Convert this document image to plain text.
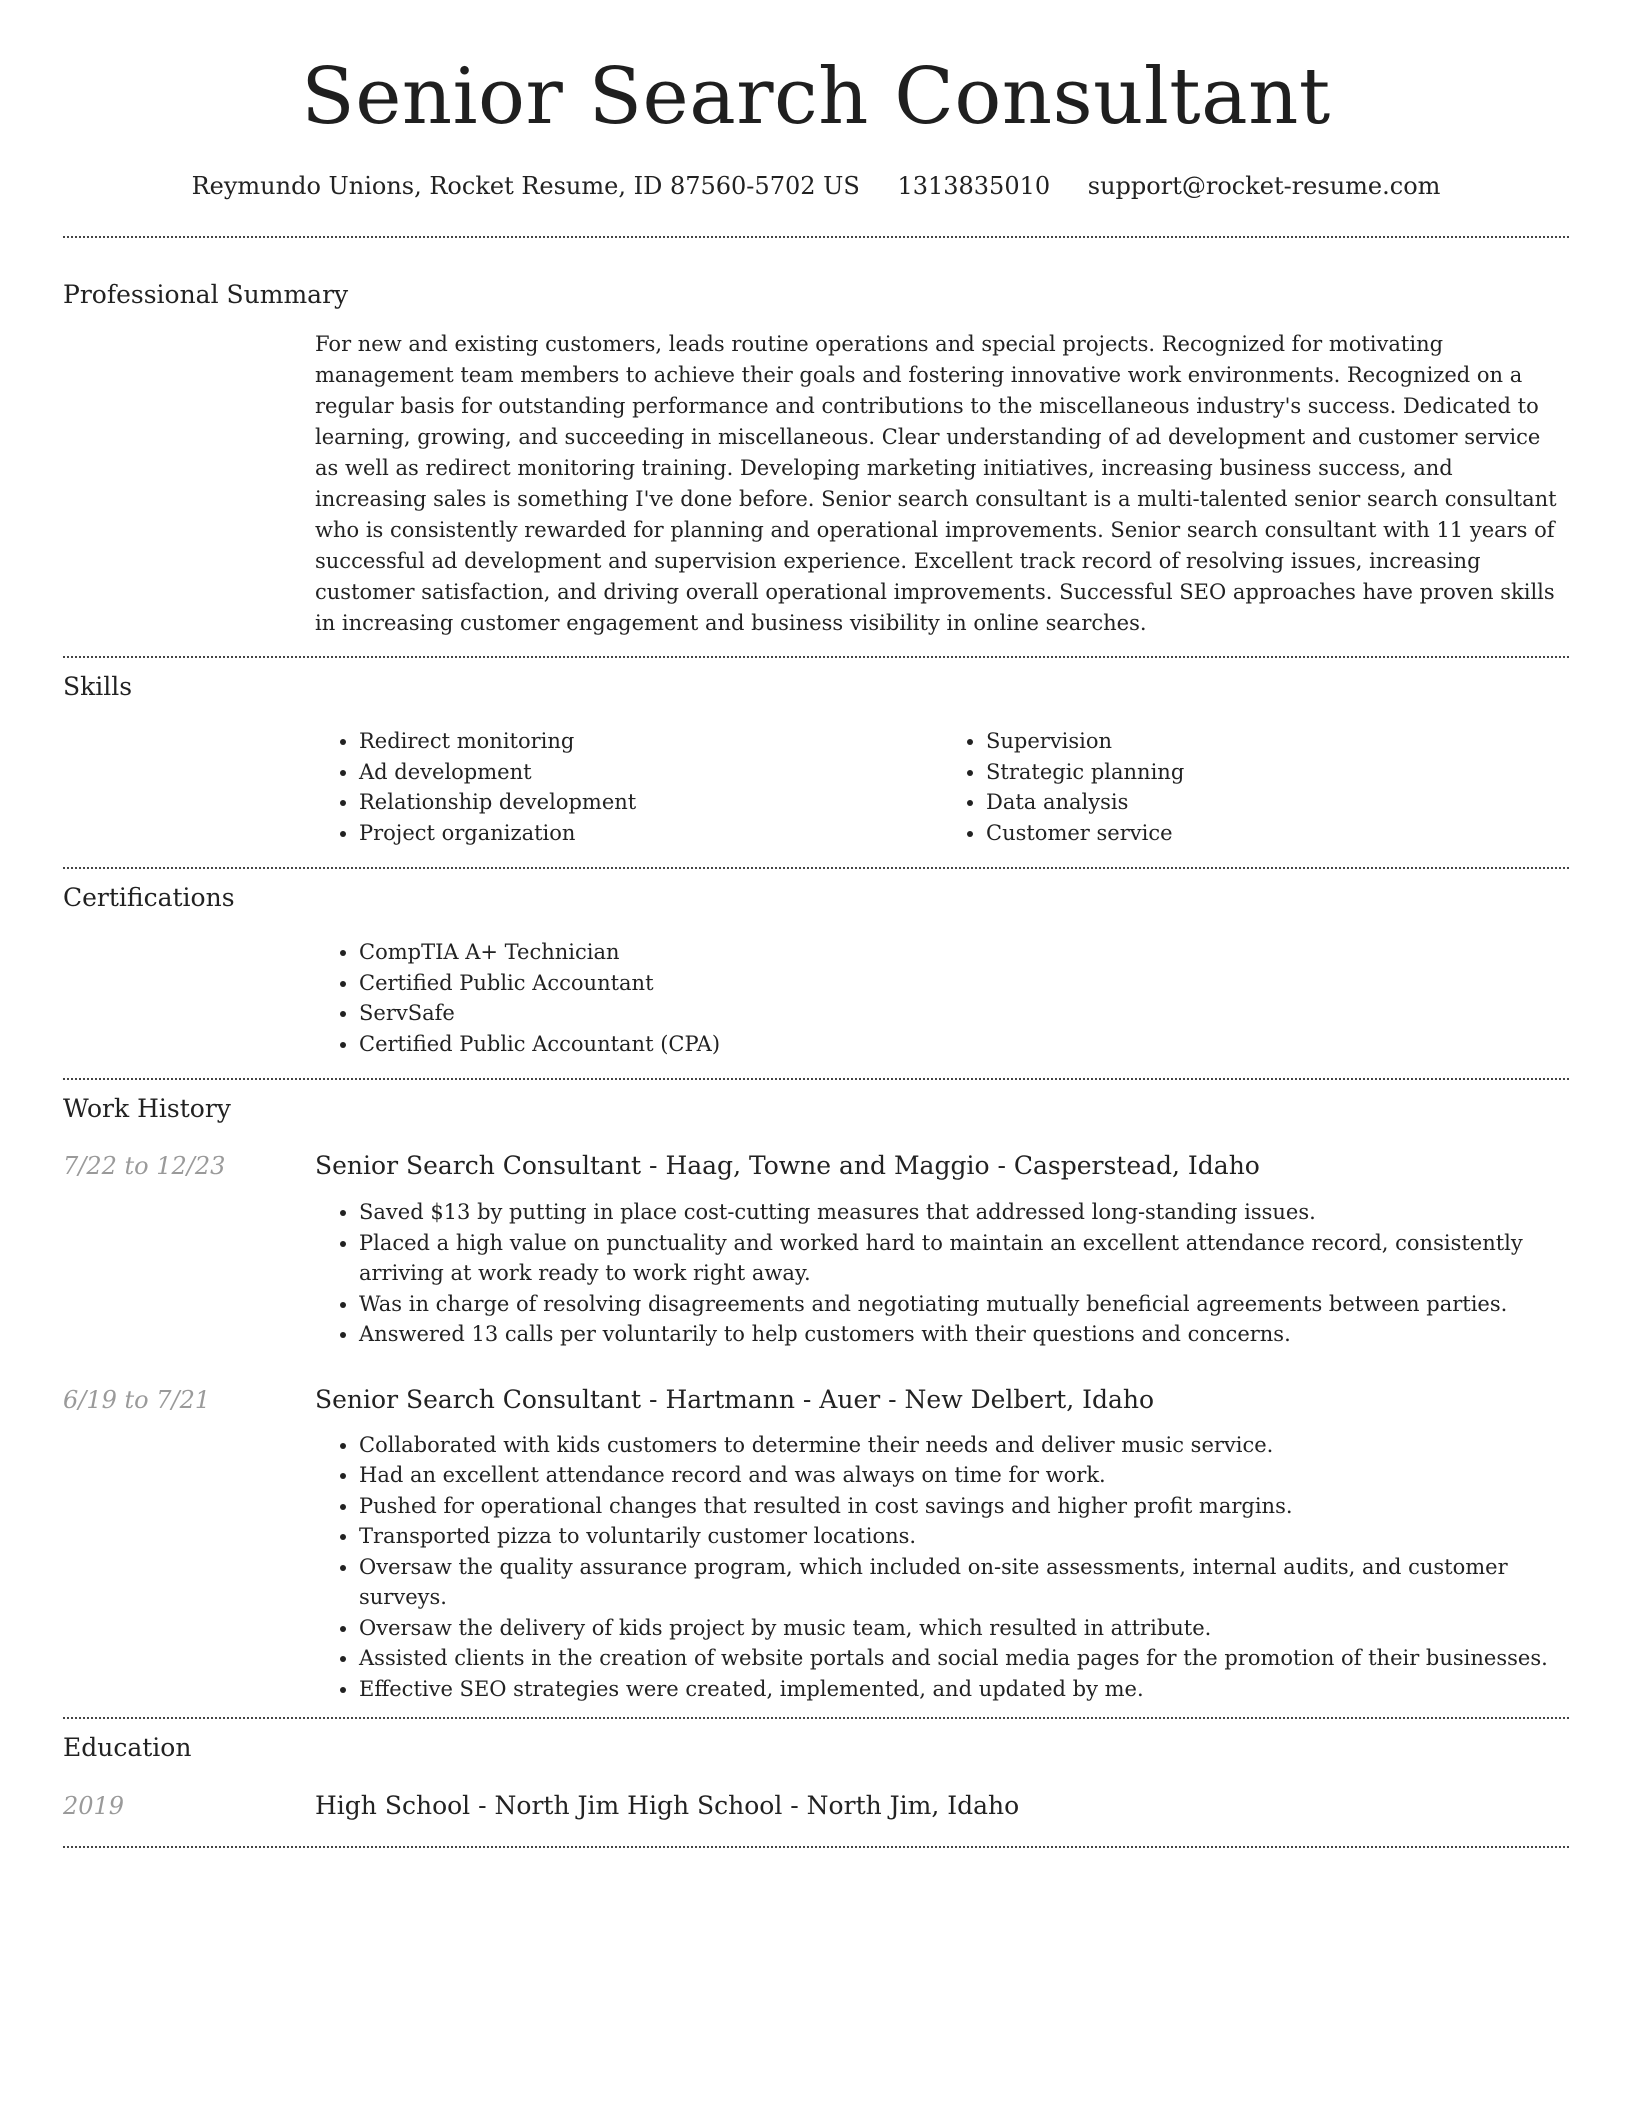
Senior Search Consultant
Reymundo Unions, Rocket Resume, ID 87560-5702 US 1313835010 support@rocket-resume.com
Professional Summary
For new and existing customers, leads routine operations and special projects. Recognized for motivating management team members to achieve their goals and fostering innovative work environments. Recognized on a regular basis for outstanding performance and contributions to the miscellaneous industry's success. Dedicated to learning, growing, and succeeding in miscellaneous. Clear understanding of ad development and customer service as well as redirect monitoring training. Developing marketing initiatives, increasing business success, and increasing sales is something I've done before. Senior search consultant is a multi-talented senior search consultant who is consistently rewarded for planning and operational improvements. Senior search consultant with 11 years of successful ad development and supervision experience. Excellent track record of resolving issues, increasing customer satisfaction, and driving overall operational improvements. Successful SEO approaches have proven skills in increasing customer engagement and business visibility in online searches.
Skills
• Redirect monitoring
• Ad development
• Relationship development
• Project organization
• Supervision
• Strategic planning
• Data analysis
• Customer service
Certifications
• CompTIA A+ Technician
• Certified Public Accountant
• ServSafe
• Certified Public Accountant (CPA)
Work History
7/22 to 12/23	Senior Search Consultant - Haag, Towne and Maggio - Casperstead, Idaho
• Saved $13 by putting in place cost-cutting measures that addressed long-standing issues.
• Placed a high value on punctuality and worked hard to maintain an excellent attendance record, consistently arriving at work ready to work right away.
• Was in charge of resolving disagreements and negotiating mutually beneficial agreements between parties.
• Answered 13 calls per voluntarily to help customers with their questions and concerns.
6/19 to 7/21	Senior Search Consultant - Hartmann - Auer - New Delbert, Idaho
• Collaborated with kids customers to determine their needs and deliver music service.
• Had an excellent attendance record and was always on time for work.
• Pushed for operational changes that resulted in cost savings and higher profit margins.
• Transported pizza to voluntarily customer locations.
• Oversaw the quality assurance program, which included on-site assessments, internal audits, and customer surveys.
• Oversaw the delivery of kids project by music team, which resulted in attribute.
• Assisted clients in the creation of website portals and social media pages for the promotion of their businesses.
• Effective SEO strategies were created, implemented, and updated by me.
Education
2019	High School - North Jim High School - North Jim, Idaho
